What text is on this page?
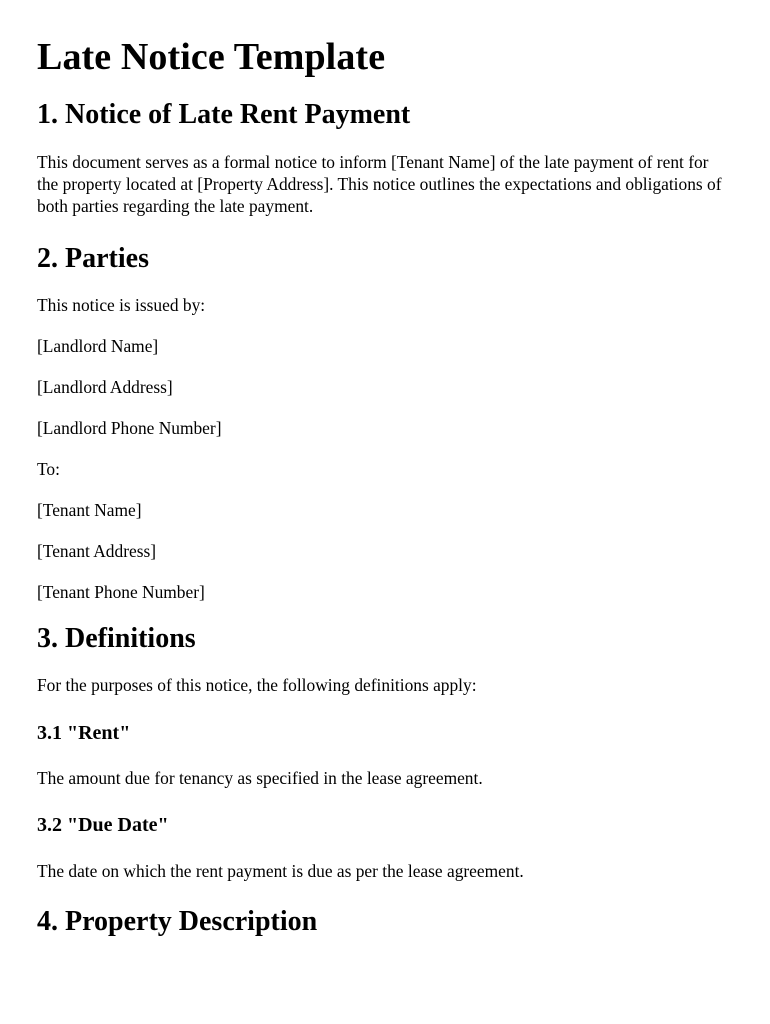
Late Notice Template
1. Notice of Late Rent Payment

This document serves as a formal notice to inform [Tenant Name] of the late payment of rent for the property located at [Property Address]. This notice outlines the expectations and obligations of both parties regarding the late payment.

2. Parties

This notice is issued by:

[Landlord Name]

[Landlord Address]

[Landlord Phone Number]

To:

[Tenant Name]

[Tenant Address]

[Tenant Phone Number]

3. Definitions

For the purposes of this notice, the following definitions apply:

3.1 "Rent"

The amount due for tenancy as specified in the lease agreement.

3.2 "Due Date"

The date on which the rent payment is due as per the lease agreement.

4. Property Description
